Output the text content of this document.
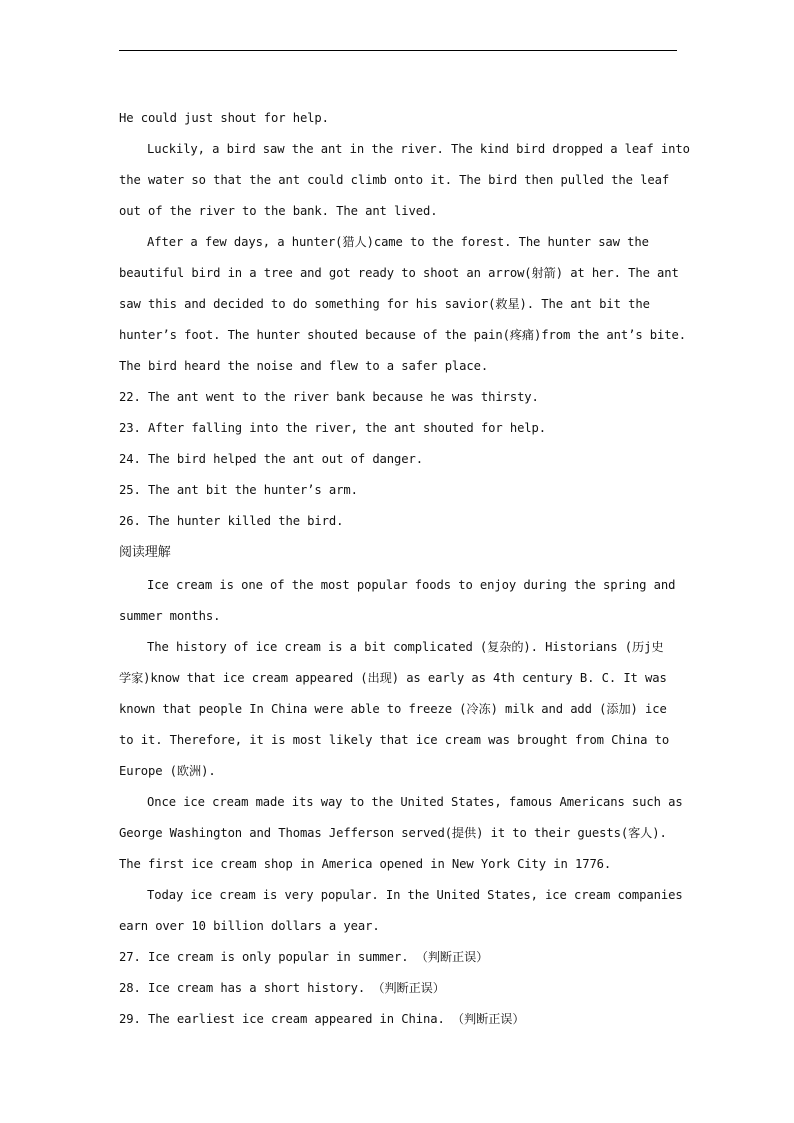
He could just shout for help.
Luckily, a bird saw the ant in the river. The kind bird dropped a leaf into
the water so that the ant could climb onto it. The bird then pulled the leaf
out of the river to the bank. The ant lived.
After a few days, a hunter(猎人)came to the forest. The hunter saw the
beautiful bird in a tree and got ready to shoot an arrow(射箭) at her. The ant
saw this and decided to do something for his savior(救星). The ant bit the
hunter’s foot. The hunter shouted because of the pain(疼痛)from the ant’s bite.
The bird heard the noise and flew to a safer place.
22. The ant went to the river bank because he was thirsty.
23. After falling into the river, the ant shouted for help.
24. The bird helped the ant out of danger.
25. The ant bit the hunter’s arm.
26. The hunter killed the bird.
阅读理解
Ice cream is one of the most popular foods to enjoy during the spring and
summer months.
The history of ice cream is a bit complicated (复杂的). Historians (历j史
学家)know that ice cream appeared (出现) as early as 4th century B. C. It was
known that people In China were able to freeze (冷冻) milk and add (添加) ice
to it. Therefore, it is most likely that ice cream was brought from China to
Europe (欧洲).
Once ice cream made its way to the United States, famous Americans such as
George Washington and Thomas Jefferson served(提供) it to their guests(客人).
The first ice cream shop in America opened in New York City in 1776.
Today ice cream is very popular. In the United States, ice cream companies
earn over 10 billion dollars a year.
27. Ice cream is only popular in summer. （判断正误）
28. Ice cream has a short history. （判断正误）
29. The earliest ice cream appeared in China. （判断正误）
